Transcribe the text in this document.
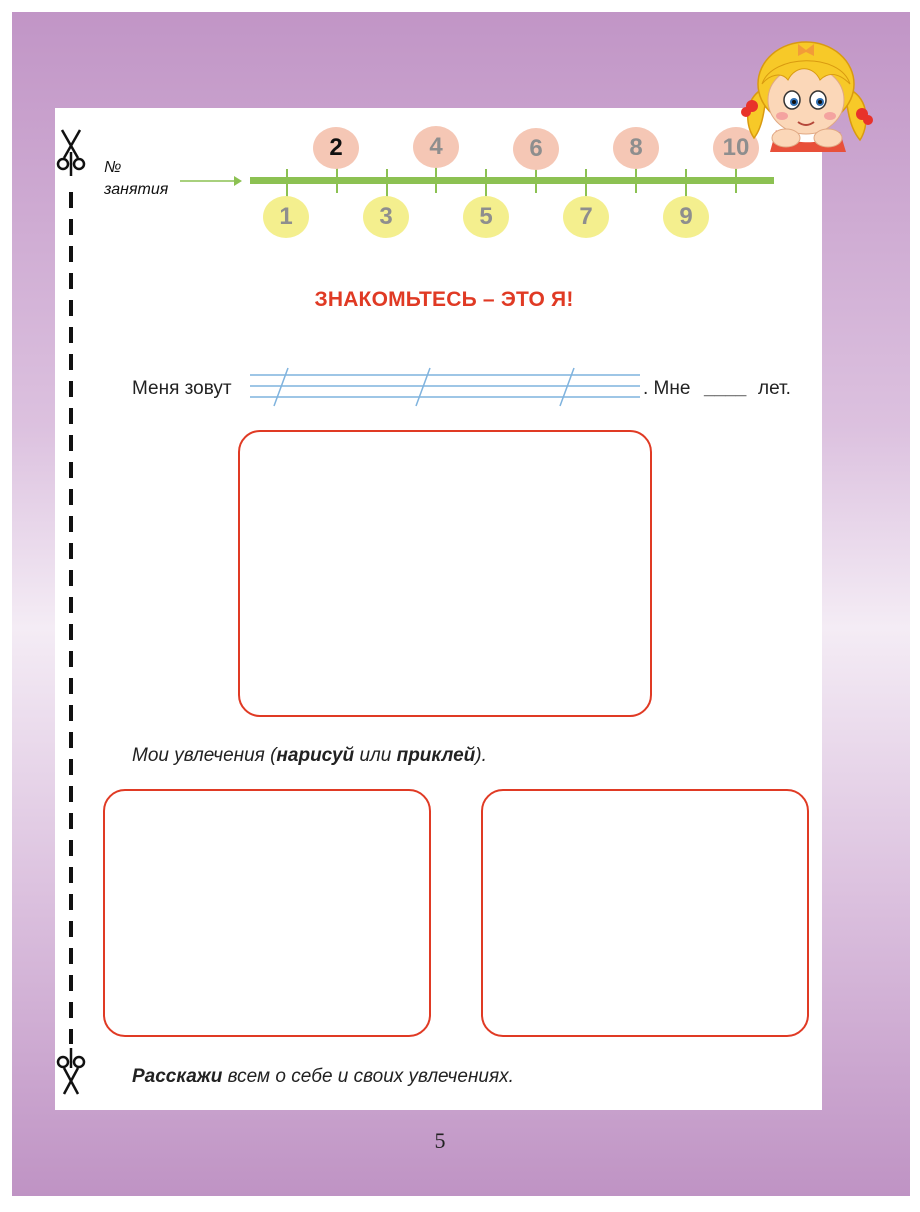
№
занятия
2	4	6	8	10
1	3	5	7	9
ЗНАКОМЬТЕСЬ – ЭТО Я!
Меня зовут	. Мне ____ лет.
Мои увлечения (нарисуй или приклей).
Расскажи всем о себе и своих увлечениях.
5
